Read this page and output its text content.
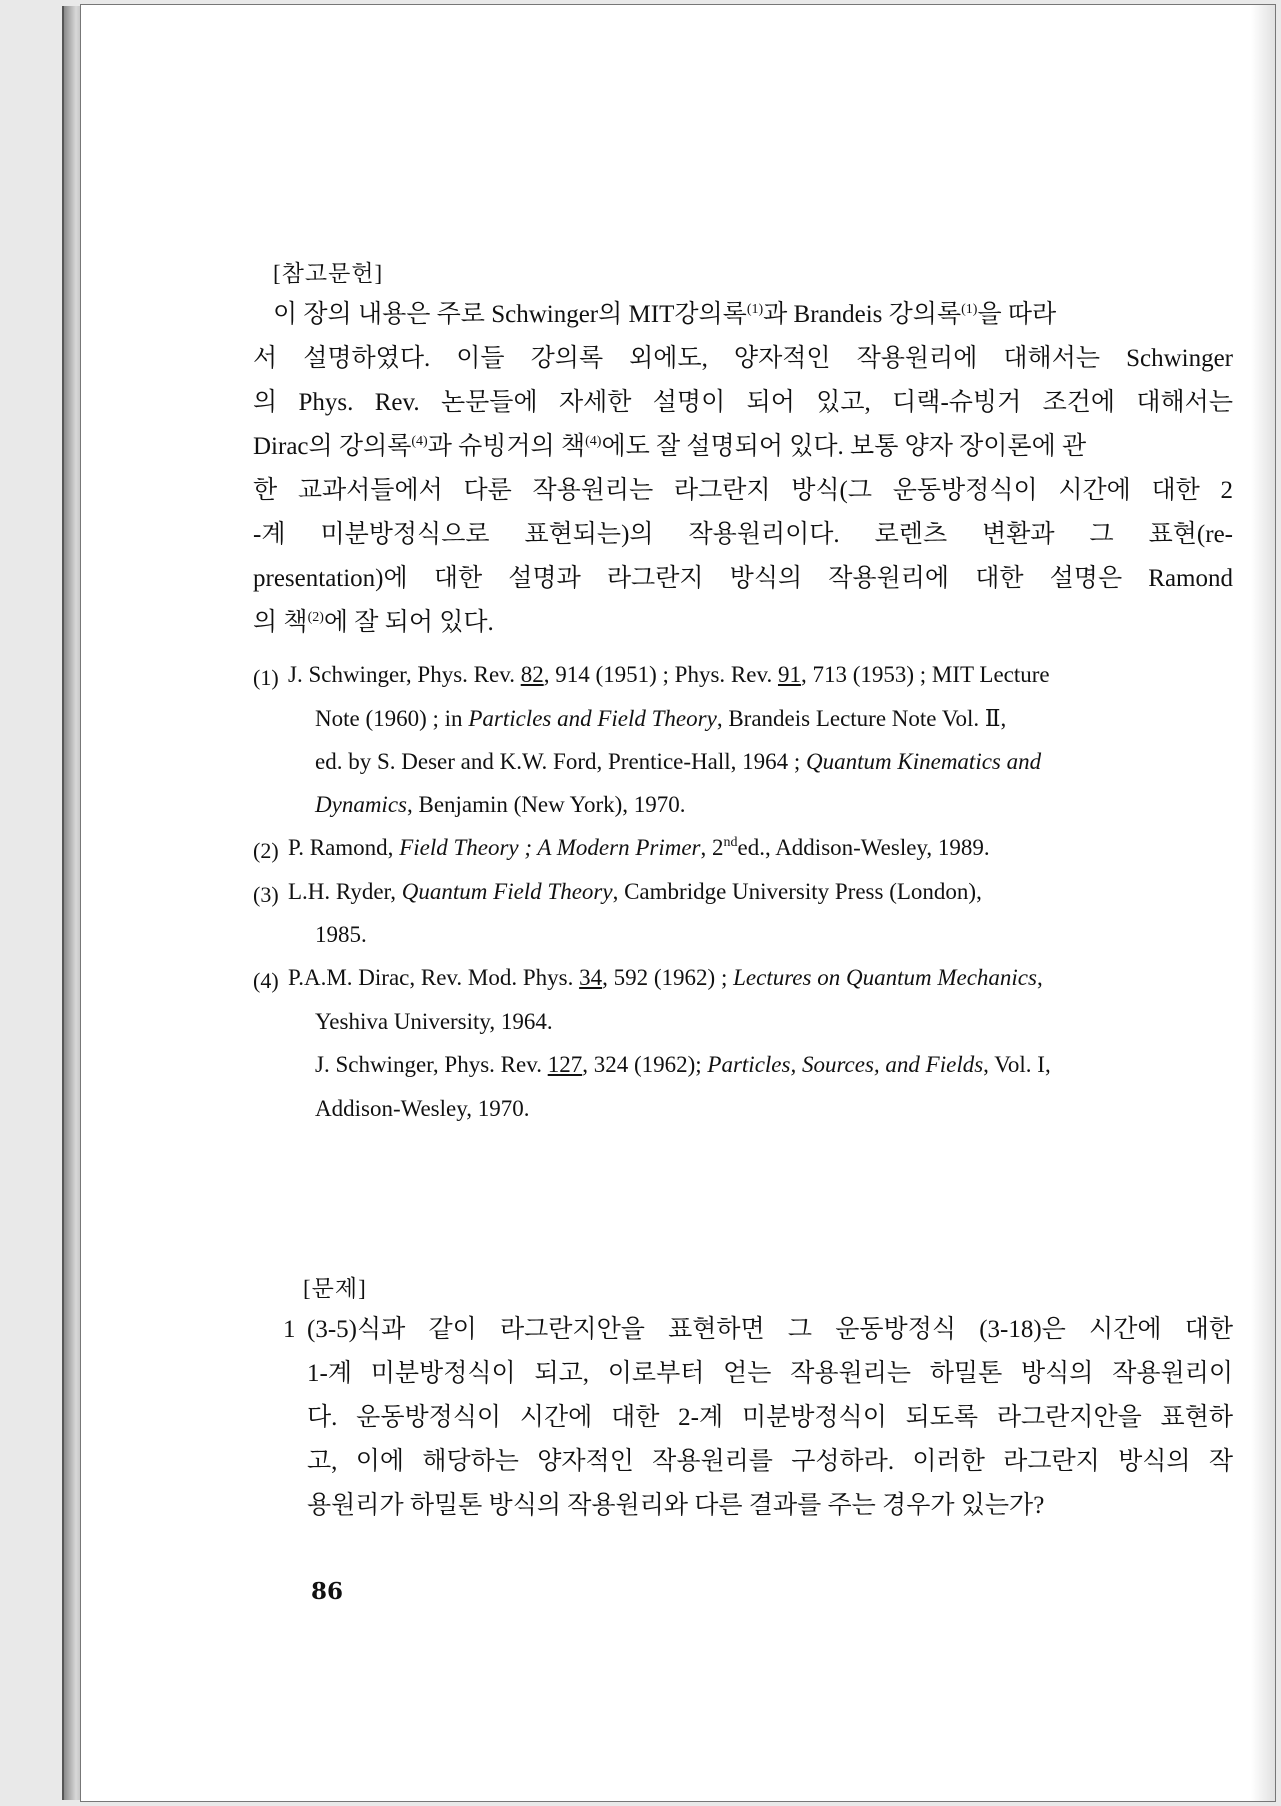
[참고문헌]
이 장의 내용은 주로 Schwinger의 MIT강의록$^{(1)}$과 Brandeis 강의록$^{(1)}$을 따라
서 설명하였다. 이들 강의록 외에도, 양자적인 작용원리에 대해서는 Schwinger
의 Phys. Rev. 논문들에 자세한 설명이 되어 있고, 디랙-슈빙거 조건에 대해서는
Dirac의 강의록$^{(4)}$과 슈빙거의 책$^{(4)}$에도 잘 설명되어 있다. 보통 양자 장이론에 관
한 교과서들에서 다룬 작용원리는 라그란지 방식(그 운동방정식이 시간에 대한 2
-계 미분방정식으로 표현되는)의 작용원리이다. 로렌츠 변환과 그 표현(re-
presentation)에 대한 설명과 라그란지 방식의 작용원리에 대한 설명은 Ramond
의 책$^{(2)}$에 잘 되어 있다.
(1) J. Schwinger, Phys. Rev. 82, 914 (1951) ; Phys. Rev. 91, 713 (1953) ; MIT Lecture
Note (1960) ; in Particles and Field Theory, Brandeis Lecture Note Vol. Ⅱ,
ed. by S. Deser and K.W. Ford, Prentice-Hall, 1964 ; Quantum Kinematics and
Dynamics, Benjamin (New York), 1970.
(2) P. Ramond, Field Theory ; A Modern Primer, 2nded., Addison-Wesley, 1989.
(3) L.H. Ryder, Quantum Field Theory, Cambridge University Press (London),
1985.
(4) P.A.M. Dirac, Rev. Mod. Phys. 34, 592 (1962) ; Lectures on Quantum Mechanics,
Yeshiva University, 1964.
J. Schwinger, Phys. Rev. 127, 324 (1962); Particles, Sources, and Fields, Vol. I,
Addison-Wesley, 1970.
[문제]
1 (3-5)식과 같이 라그란지안을 표현하면 그 운동방정식 (3-18)은 시간에 대한
1-계 미분방정식이 되고, 이로부터 얻는 작용원리는 하밀톤 방식의 작용원리이
다. 운동방정식이 시간에 대한 2-계 미분방정식이 되도록 라그란지안을 표현하
고, 이에 해당하는 양자적인 작용원리를 구성하라. 이러한 라그란지 방식의 작
용원리가 하밀톤 방식의 작용원리와 다른 결과를 주는 경우가 있는가?
86
